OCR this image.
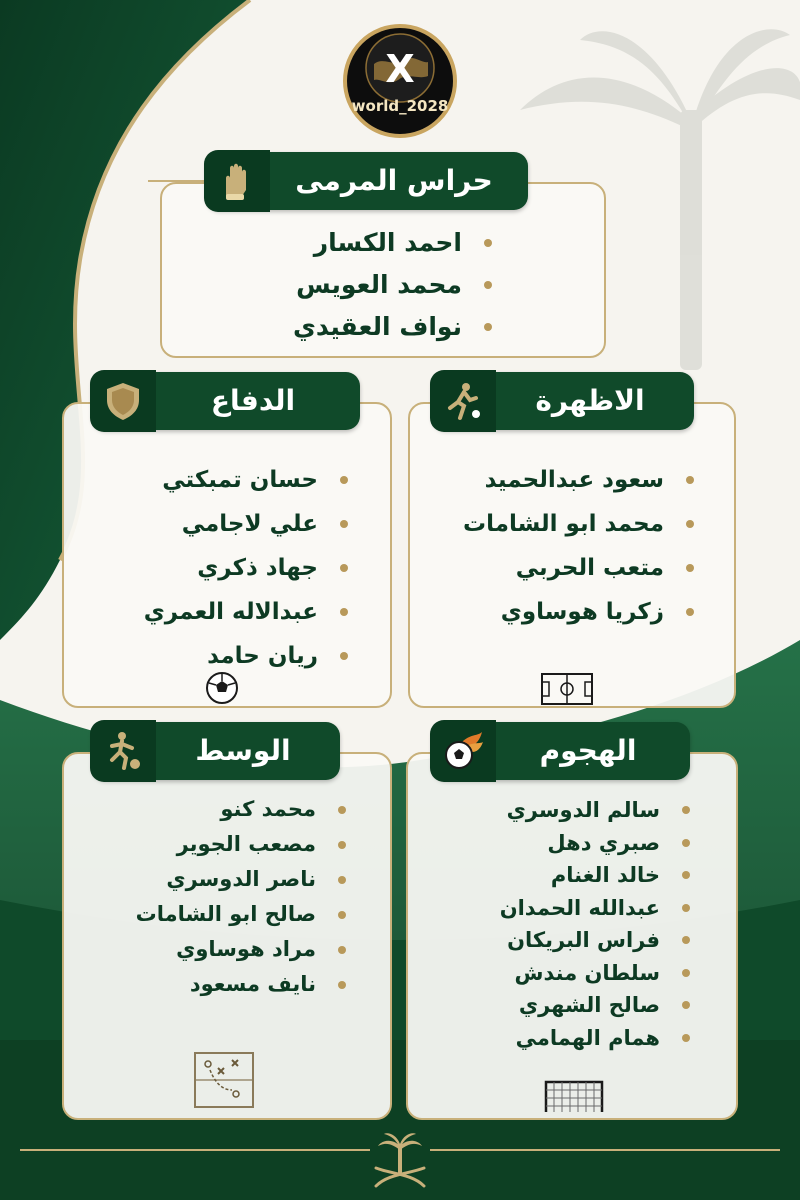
X
world_2028
حراس المرمى
احمد الكسار
محمد العويس
نواف العقيدي
الدفاع
حسان تمبكتي
علي لاجامي
جهاد ذكري
عبدالاله العمري
ريان حامد
الاظهرة
سعود عبدالحميد
محمد ابو الشامات
متعب الحربي
زكريا هوساوي
الوسط
محمد كنو
مصعب الجوير
ناصر الدوسري
صالح ابو الشامات
مراد هوساوي
نايف مسعود
الهجوم
سالم الدوسري
صبري دهل
خالد الغنام
عبدالله الحمدان
فراس البريكان
سلطان مندش
صالح الشهري
همام الهمامي
